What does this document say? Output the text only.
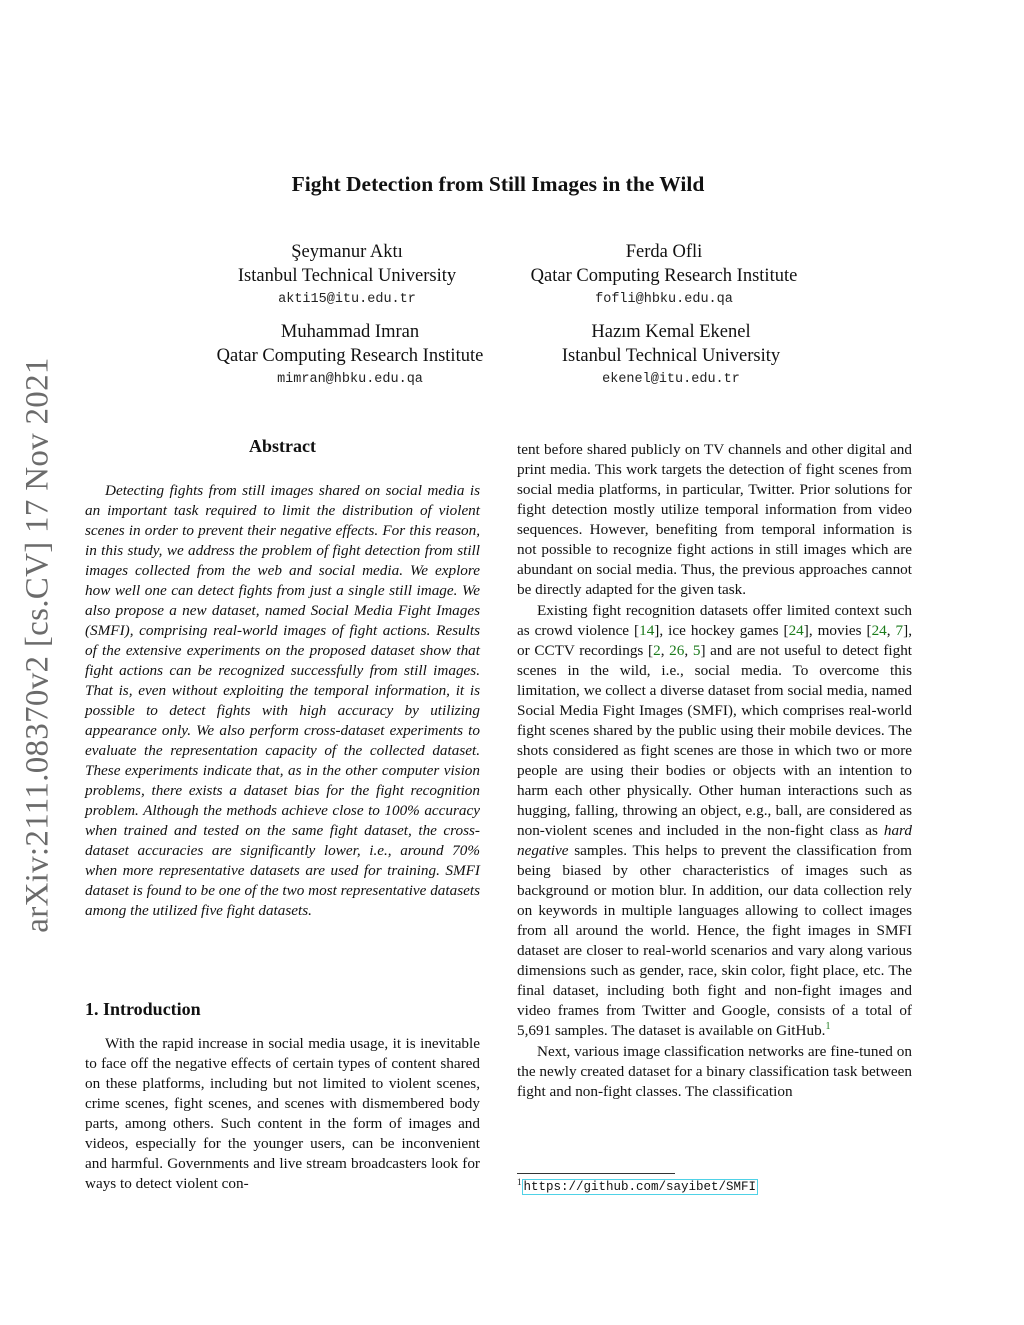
arXiv:2111.08370v2 [cs.CV] 17 Nov 2021
Fight Detection from Still Images in the Wild
Şeymanur Aktı
Istanbul Technical University
akti15@itu.edu.tr
Ferda Ofli
Qatar Computing Research Institute
fofli@hbku.edu.qa
Muhammad Imran
Qatar Computing Research Institute
mimran@hbku.edu.qa
Hazım Kemal Ekenel
Istanbul Technical University
ekenel@itu.edu.tr
Abstract

Detecting fights from still images shared on social media is an important task required to limit the distribution of violent scenes in order to prevent their negative effects. For this reason, in this study, we address the problem of fight detection from still images collected from the web and social media. We explore how well one can detect fights from just a single still image. We also propose a new dataset, named Social Media Fight Images (SMFI), comprising real-world images of fight actions. Results of the extensive experiments on the proposed dataset show that fight actions can be recognized successfully from still images. That is, even without exploiting the temporal information, it is possible to detect fights with high accuracy by utilizing appearance only. We also perform cross-dataset experiments to evaluate the representation capacity of the collected dataset. These experiments indicate that, as in the other computer vision problems, there exists a dataset bias for the fight recognition problem. Although the methods achieve close to 100% accuracy when trained and tested on the same fight dataset, the cross-dataset accuracies are significantly lower, i.e., around 70% when more representative datasets are used for training. SMFI dataset is found to be one of the two most representative datasets among the utilized five fight datasets.

1. Introduction

With the rapid increase in social media usage, it is inevitable to face off the negative effects of certain types of content shared on these platforms, including but not limited to violent scenes, crime scenes, fight scenes, and scenes with dismembered body parts, among others. Such content in the form of images and videos, especially for the younger users, can be inconvenient and harmful. Governments and live stream broadcasters look for ways to detect violent con-

tent before shared publicly on TV channels and other digital and print media. This work targets the detection of fight scenes from social media platforms, in particular, Twitter. Prior solutions for fight detection mostly utilize temporal information from video sequences. However, benefiting from temporal information is not possible to recognize fight actions in still images which are abundant on social media. Thus, the previous approaches cannot be directly adapted for the given task.

Existing fight recognition datasets offer limited context such as crowd violence [14], ice hockey games [24], movies [24, 7], or CCTV recordings [2, 26, 5] and are not useful to detect fight scenes in the wild, i.e., social media. To overcome this limitation, we collect a diverse dataset from social media, named Social Media Fight Images (SMFI), which comprises real-world fight scenes shared by the public using their mobile devices. The shots considered as fight scenes are those in which two or more people are using their bodies or objects with an intention to harm each other physically. Other human interactions such as hugging, falling, throwing an object, e.g., ball, are considered as non-violent scenes and included in the non-fight class as hard negative samples. This helps to prevent the classification from being biased by other characteristics of images such as background or motion blur. In addition, our data collection rely on keywords in multiple languages allowing to collect images from all around the world. Hence, the fight images in SMFI dataset are closer to real-world scenarios and vary along various dimensions such as gender, race, skin color, fight place, etc. The final dataset, including both fight and non-fight images and video frames from Twitter and Google, consists of a total of 5,691 samples. The dataset is available on GitHub.$^1$

Next, various image classification networks are fine-tuned on the newly created dataset for a binary classification task between fight and non-fight classes. The classification

$^1$ https://github.com/sayibet/SMFI
